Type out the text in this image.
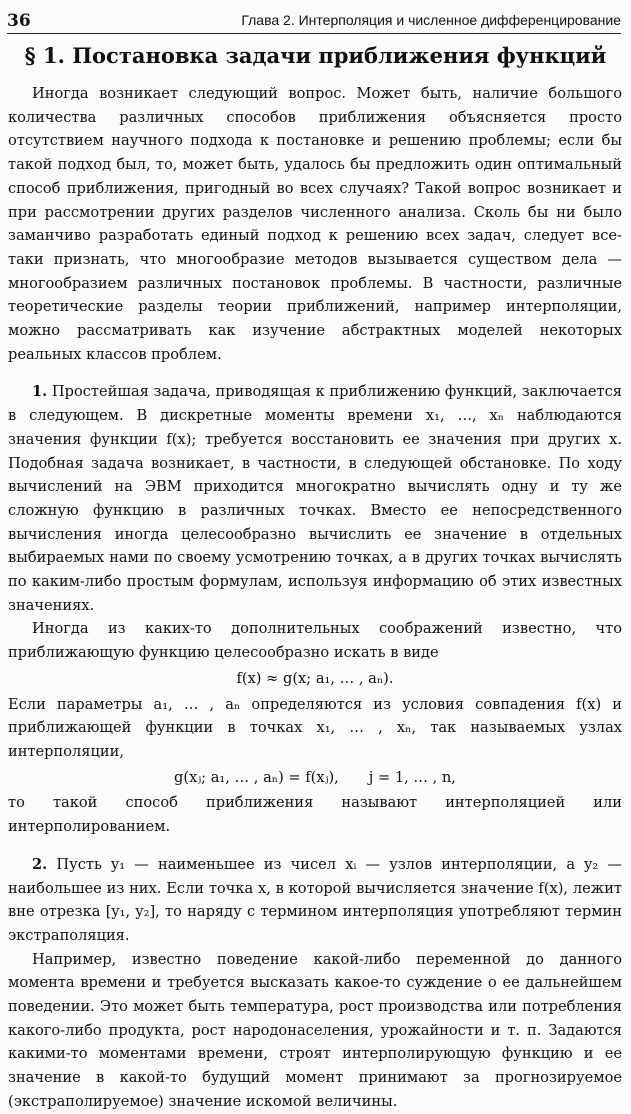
36	Глава 2. Интерполяция и численное дифференцирование
§ 1. Постановка задачи приближения функций

Иногда возникает следующий вопрос. Может быть, наличие большого количества различных способов приближения объясняется просто отсутствием научного подхода к постановке и решению проблемы; если бы такой подход был, то, может быть, удалось бы предложить один оптимальный способ приближения, пригодный во всех случаях? Такой вопрос возникает и при рассмотрении других разделов численного анализа. Сколь бы ни было заманчиво разработать единый подход к решению всех задач, следует все-таки признать, что многообразие методов вызывается существом дела — многообразием различных постановок проблемы. В частности, различные теоретические разделы теории приближений, например интерполяции, можно рассматривать как изучение абстрактных моделей некоторых реальных классов проблем.

1. Простейшая задача, приводящая к приближению функций, заключается в следующем. В дискретные моменты времени x₁, …, xₙ наблюдаются значения функции f(x); требуется восстановить ее значения при других x. Подобная задача возникает, в частности, в следующей обстановке. По ходу вычислений на ЭВМ приходится многократно вычислять одну и ту же сложную функцию в различных точках. Вместо ее непосредственного вычисления иногда целесообразно вычислить ее значение в отдельных выбираемых нами по своему усмотрению точках, а в других точках вычислять по каким-либо простым формулам, используя информацию об этих известных значениях.

Иногда из каких-то дополнительных соображений известно, что приближающую функцию целесообразно искать в виде

f(x) ≈ g(x; a₁, … , aₙ).

Если параметры a₁, … , aₙ определяются из условия совпадения f(x) и приближающей функции в точках x₁, … , xₙ, так называемых узлах интерполяции,

g(xⱼ; a₁, … , aₙ) = f(xⱼ), j = 1, … , n,

то такой способ приближения называют интерполяцией или интерполированием.

2. Пусть y₁ — наименьшее из чисел xᵢ — узлов интерполяции, а y₂ — наибольшее из них. Если точка x, в которой вычисляется значение f(x), лежит вне отрезка [y₁, y₂], то наряду с термином интерполяция употребляют термин экстраполяция.

Например, известно поведение какой-либо переменной до данного момента времени и требуется высказать какое-то суждение о ее дальнейшем поведении. Это может быть температура, рост производства или потребления какого-либо продукта, рост народонаселения, урожайности и т. п. Задаются какими-то моментами времени, строят интерполирующую функцию и ее значение в какой-то будущий момент принимают за прогнозируемое (экстраполируемое) значение искомой величины.
